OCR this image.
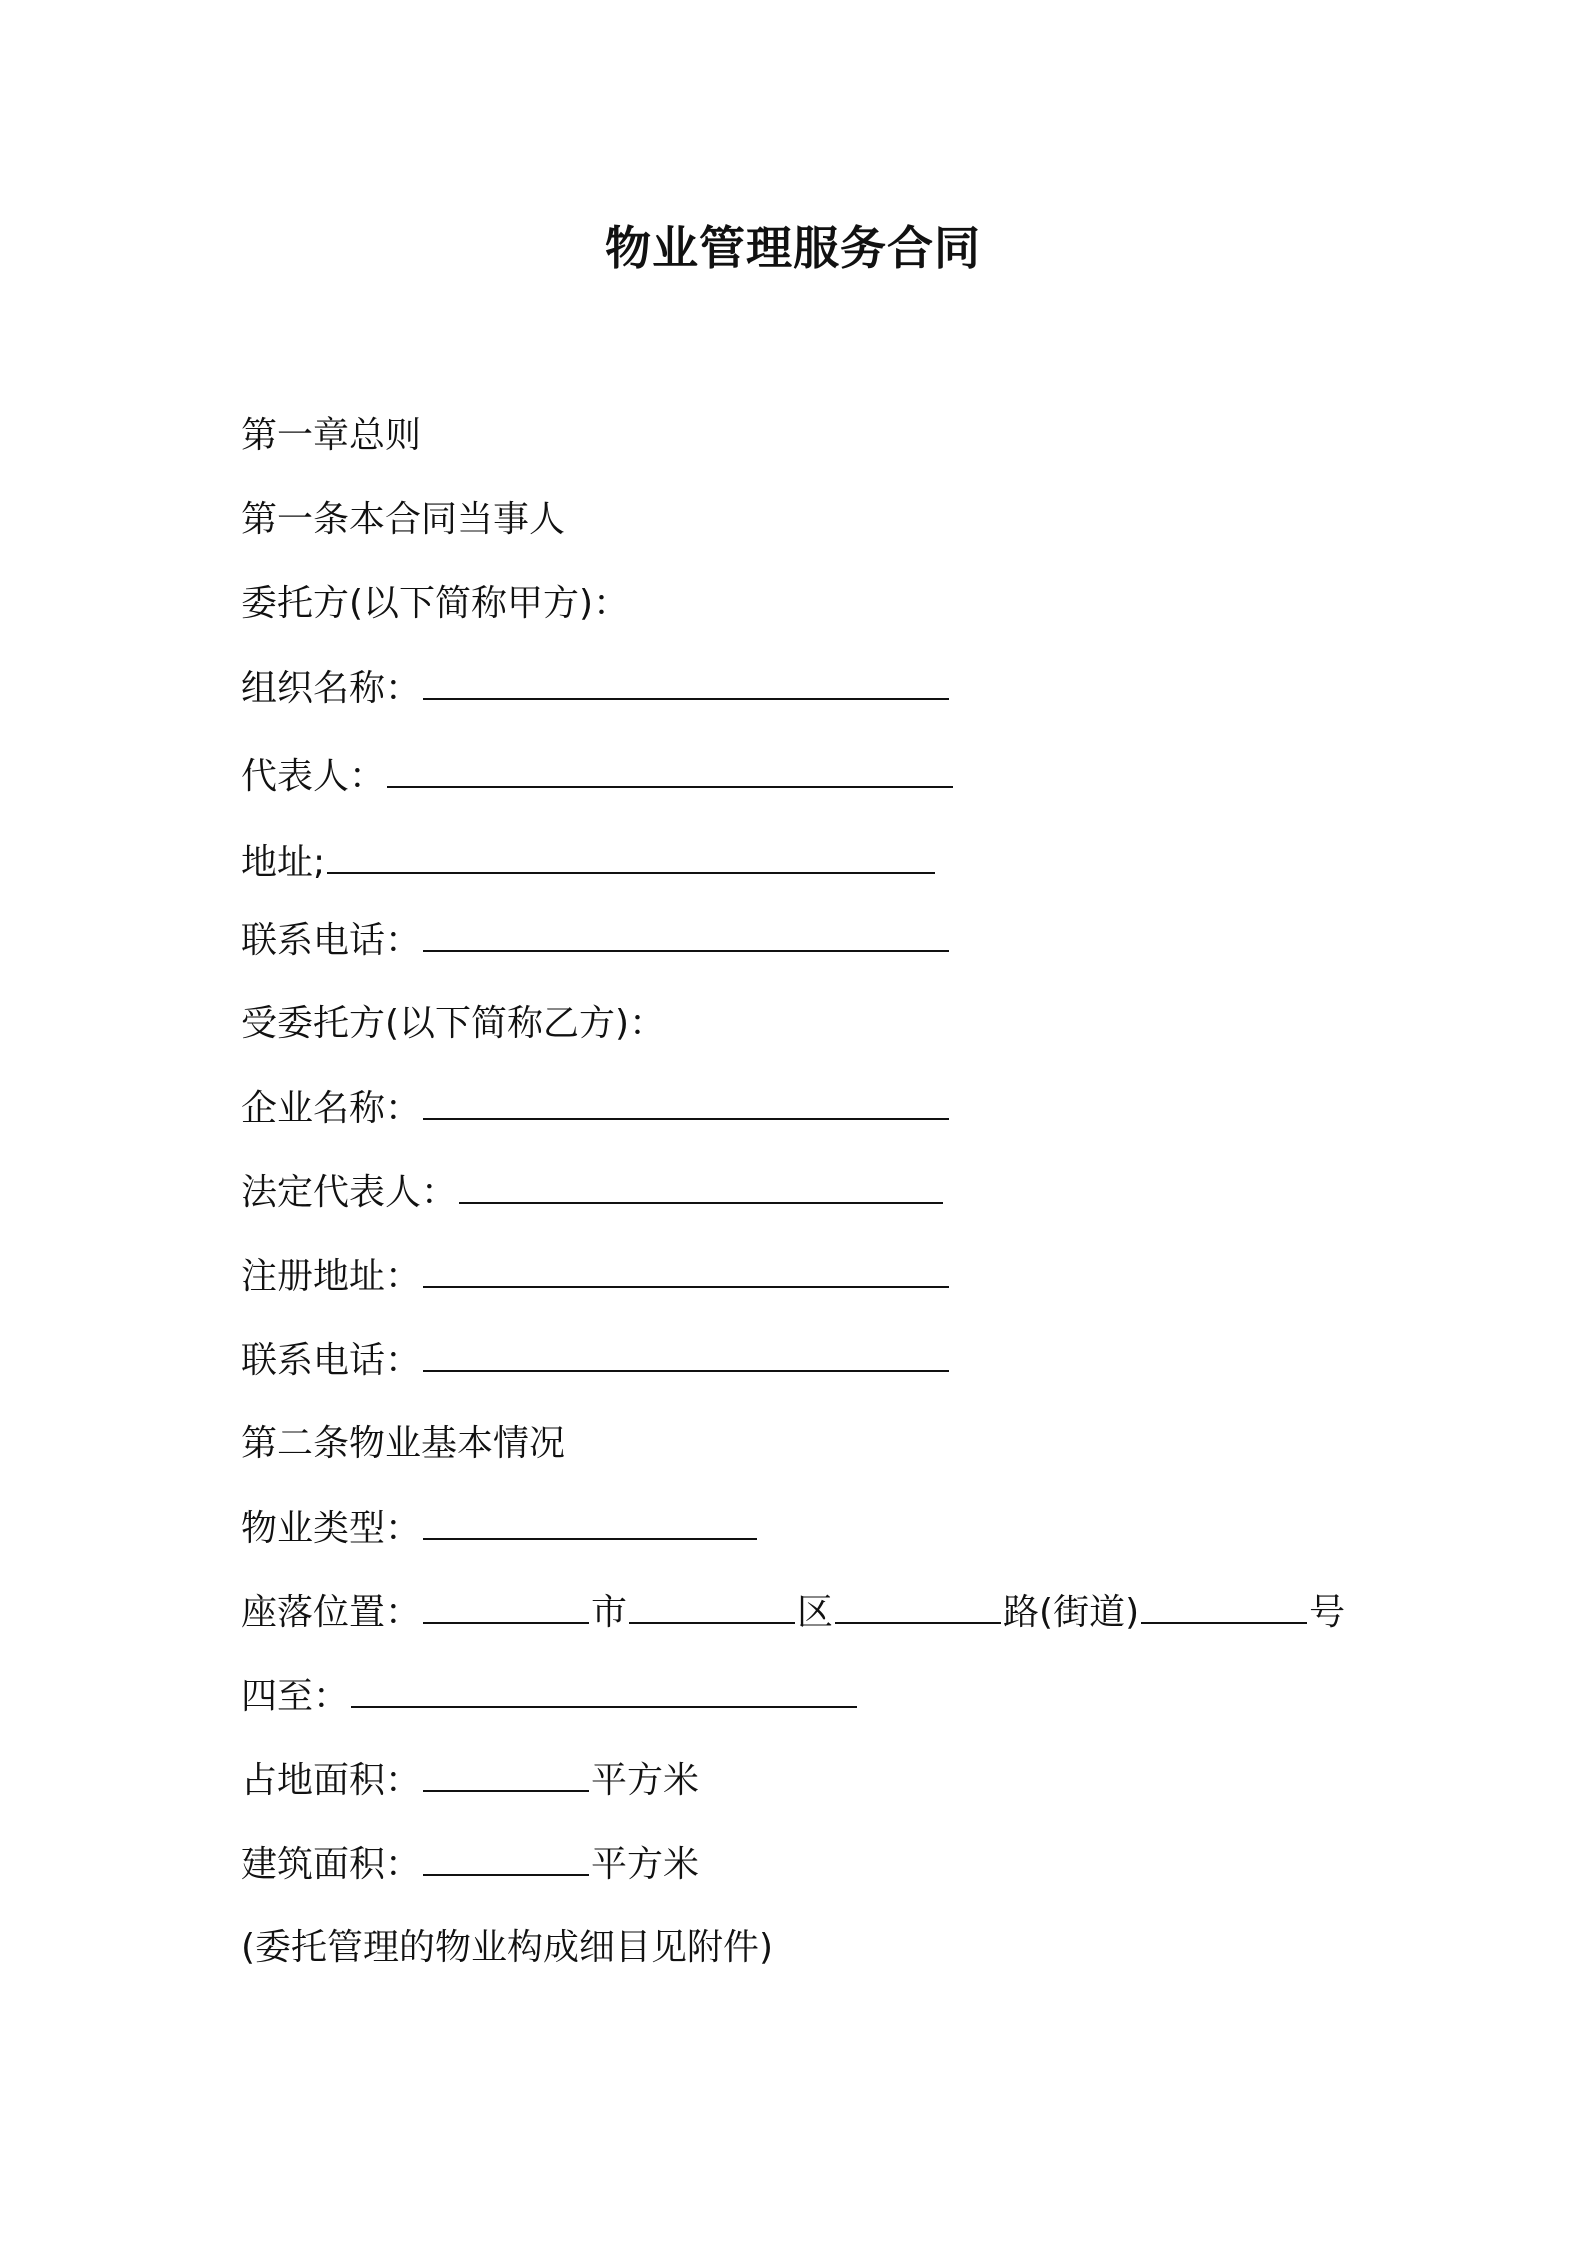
物业管理服务合同

第一章总则

第一条本合同当事人

委托方(以下简称甲方)：

组织名称：

代表人：

地址;

联系电话：

受委托方(以下简称乙方)：

企业名称：

法定代表人：

注册地址：

联系电话：

第二条物业基本情况

物业类型：

座落位置：	市	区	路(街道)	号

四至：

占地面积：	平方米

建筑面积：	平方米

(委托管理的物业构成细目见附件)
